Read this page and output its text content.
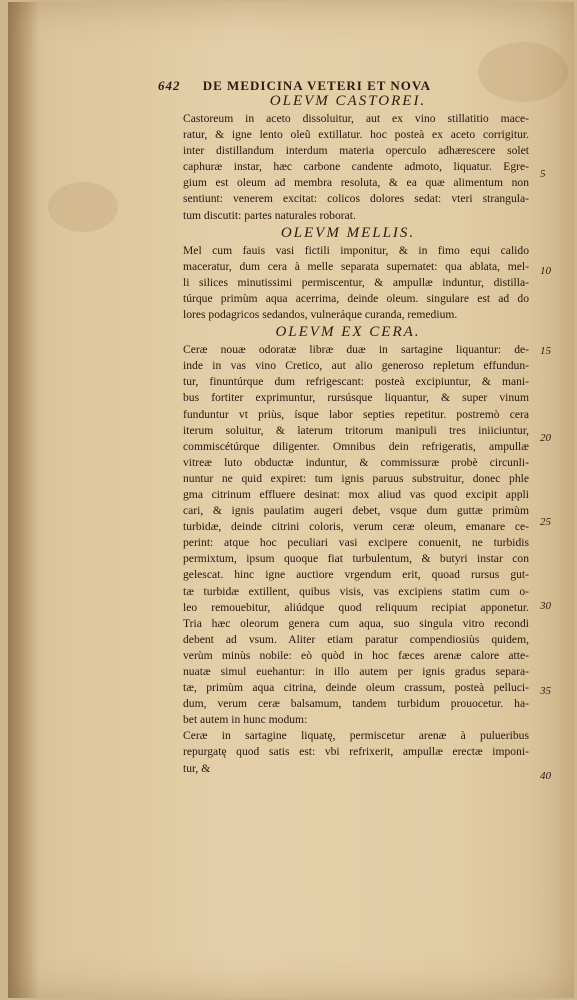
642 DE MEDICINA VETERI ET NOVA
OLEVM CASTOREI.

Castoreum in aceto dissoluitur, aut ex vino stillatitio mace-
ratur, & igne lento oleũ extillatur. hoc posteà ex aceto corrigitur.
inter distillandum interdum materia operculo adhærescere solet
caphuræ instar, hæc carbone candente admoto, liquatur. Egre-
gium est oleum ad membra resoluta, & ea quæ alimentum non
sentiunt: venerem excitat: colicos dolores sedat: vteri strangula-
tum discutit: partes naturales roborat.

OLEVM MELLIS.

Mel cum fauis vasi fictili imponitur, & in fimo equi calido
maceratur, dum cera à melle separata supernatet: qua ablata, mel-
li silices minutissimi permiscentur, & ampullæ induntur, distilla-
túrque primùm aqua acerrima, deinde oleum. singulare est ad do
lores podagricos sedandos, vulneráque curanda, remedium.

OLEVM EX CERA.

Ceræ nouæ odoratæ libræ duæ in sartagine liquantur: de-
inde in vas vino Cretico, aut alio generoso repletum effundun-
tur, finuntúrque dum refrigescant: posteà excipiuntur, & mani-
bus fortiter exprimuntur, rursúsque liquantur, & super vinum
funduntur vt priùs, ísque labor septies repetitur. postremò cera
iterum soluitur, & laterum tritorum manipuli tres iniiciuntur,
commiscétúrque diligenter. Omnibus dein refrigeratis, ampullæ
vitreæ luto obductæ induntur, & commissuræ probè circunli-
nuntur ne quid expiret: tum ignis paruus substruitur, donec phle
gma citrinum effluere desinat: mox aliud vas quod excipit appli
cari, & ignis paulatim augeri debet, vsque dum guttæ primùm
turbidæ, deinde citrini coloris, verum ceræ oleum, emanare ce-
perint: atque hoc peculiari vasi excipere conuenit, ne turbidis
permixtum, ipsum quoque fiat turbulentum, & butyri instar con
gelescat. hinc igne auctiore vrgendum erit, quoad rursus gut-
tæ turbidæ extillent, quibus visis, vas excipiens statim cum o-
leo remouebitur, aliúdque quod reliquum recipiat apponetur.
Tria hæc oleorum genera cum aqua, suo singula vitro recondi
debent ad vsum. Aliter etiam paratur compendiosiùs quidem,
verùm minùs nobile: eò quòd in hoc fæces arenæ calore atte-
nuatæ simul euehantur: in illo autem per ignis gradus separa-
tæ, primùm aqua citrina, deinde oleum crassum, posteà pelluci-
dum, verum ceræ balsamum, tandem turbidum prouocetur. ha-
bet autem in hunc modum:

Ceræ in sartagine liquatę, permiscetur arenæ à pulueribus
repurgatę quod satis est: vbi refrixerit, ampullæ erectæ imponi-
tur, &

5
10
15
20
25
30
35
40
